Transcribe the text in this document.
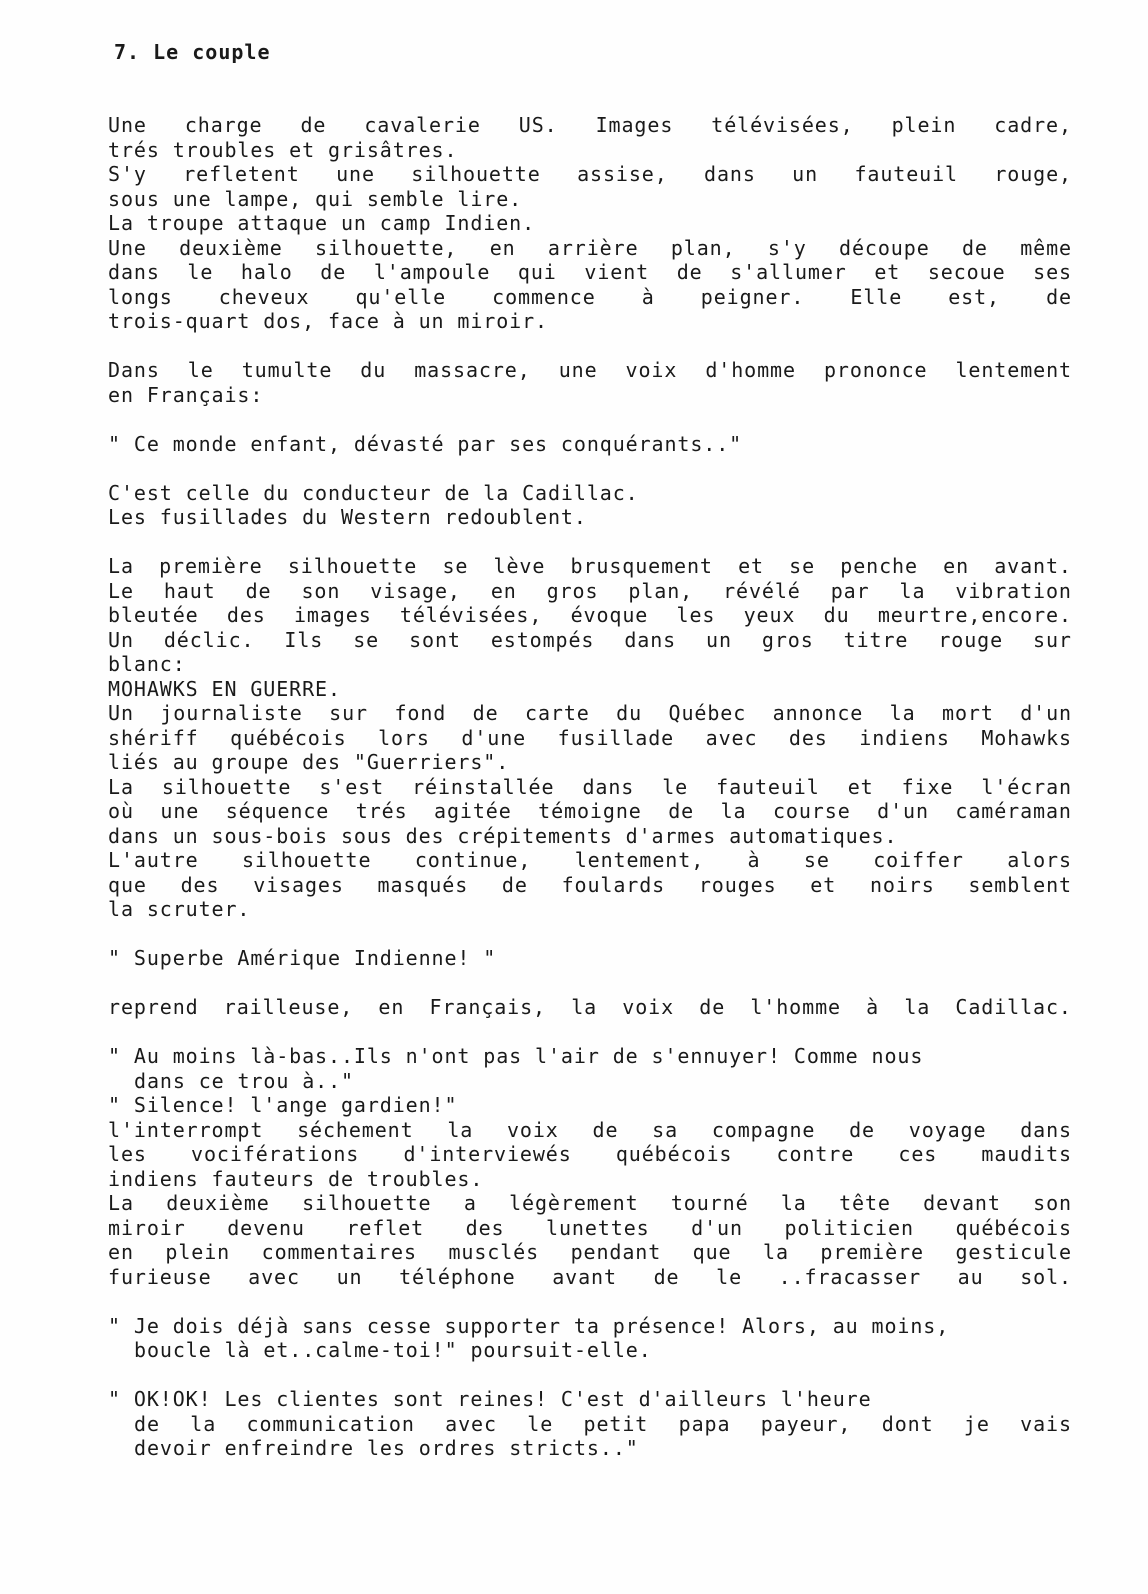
7. Le couple
Une charge de cavalerie US. Images télévisées, plein cadre,
trés troubles et grisâtres.
S'y refletent une silhouette assise, dans un fauteuil rouge,
sous une lampe, qui semble lire.
La troupe attaque un camp Indien.
Une deuxième silhouette, en arrière plan, s'y découpe de même
dans le halo de l'ampoule qui vient de s'allumer et secoue ses
longs cheveux qu'elle commence à peigner. Elle est, de
trois-quart dos, face à un miroir.
Dans le tumulte du massacre, une voix d'homme prononce lentement
en Français:
" Ce monde enfant, dévasté par ses conquérants.."
C'est celle du conducteur de la Cadillac.
Les fusillades du Western redoublent.
La première silhouette se lève brusquement et se penche en avant.
Le haut de son visage, en gros plan, révélé par la vibration
bleutée des images télévisées, évoque les yeux du meurtre,encore.
Un déclic. Ils se sont estompés dans un gros titre rouge sur
blanc:
MOHAWKS EN GUERRE.
Un journaliste sur fond de carte du Québec annonce la mort d'un
shériff québécois lors d'une fusillade avec des indiens Mohawks
liés au groupe des "Guerriers".
La silhouette s'est réinstallée dans le fauteuil et fixe l'écran
où une séquence trés agitée témoigne de la course d'un caméraman
dans un sous-bois sous des crépitements d'armes automatiques.
L'autre silhouette continue, lentement, à se coiffer alors
que des visages masqués de foulards rouges et noirs semblent
la scruter.
" Superbe Amérique Indienne! "
reprend railleuse, en Français, la voix de l'homme à la Cadillac.
" Au moins là-bas..Ils n'ont pas l'air de s'ennuyer! Comme nous
dans ce trou à.."
" Silence! l'ange gardien!"
l'interrompt séchement la voix de sa compagne de voyage dans
les vociférations d'interviewés québécois contre ces maudits
indiens fauteurs de troubles.
La deuxième silhouette a légèrement tourné la tête devant son
miroir devenu reflet des lunettes d'un politicien québécois
en plein commentaires musclés pendant que la première gesticule
furieuse avec un téléphone avant de le ..fracasser au sol.
" Je dois déjà sans cesse supporter ta présence! Alors, au moins,
boucle là et..calme-toi!" poursuit-elle.
" OK!OK! Les clientes sont reines! C'est d'ailleurs l'heure
de la communication avec le petit papa payeur, dont je vais
devoir enfreindre les ordres stricts.."
